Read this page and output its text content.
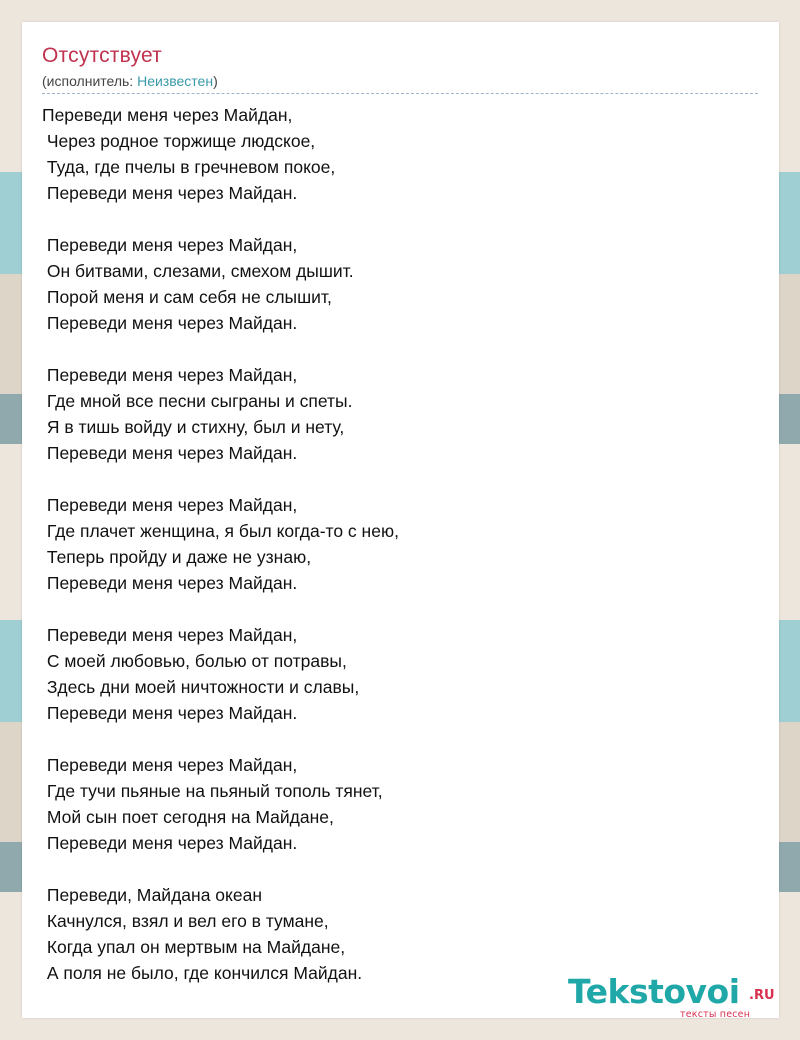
Отсутствует
(исполнитель: Неизвестен)
Переведи меня через Майдан,
Через родное торжище людское,
Туда, где пчелы в гречневом покое,
Переведи меня через Майдан.
Переведи меня через Майдан,
Он битвами, слезами, смехом дышит.
Порой меня и сам себя не слышит,
Переведи меня через Майдан.
Переведи меня через Майдан,
Где мной все песни сыграны и спеты.
Я в тишь войду и стихну, был и нету,
Переведи меня через Майдан.
Переведи меня через Майдан,
Где плачет женщина, я был когда-то с нею,
Теперь пройду и даже не узнаю,
Переведи меня через Майдан.
Переведи меня через Майдан,
С моей любовью, болью от потравы,
Здесь дни моей ничтожности и славы,
Переведи меня через Майдан.
Переведи меня через Майдан,
Где тучи пьяные на пьяный тополь тянет,
Мой сын поет сегодня на Майдане,
Переведи меня через Майдан.
Переведи, Майдана океан
Качнулся, взял и вел его в тумане,
Когда упал он мертвым на Майдане,
А поля не было, где кончился Майдан.	Tekstovoi .RU
тексты песен
